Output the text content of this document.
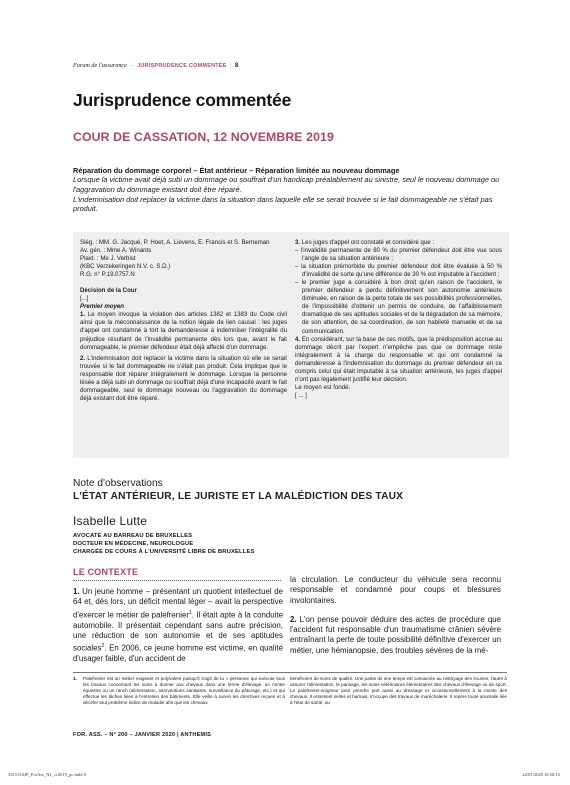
Forum de l'assurance – JURISPRUDENCE COMMENTÉE | 8
Jurisprudence commentée
COUR DE CASSATION, 12 NOVEMBRE 2019
Réparation du dommage corporel – État antérieur – Réparation limitée au nouveau dommage
Lorsque la victime avait déjà subi un dommage ou souffrait d'un handicap préalablement au sinistre, seul le nouveau dommage ou l'aggravation du dommage existant doit être réparé.
L'indemnisation doit replacer la victime dans la situation dans laquelle elle se serait trouvée si le fait dommageable ne s'était pas produit.

Siég. : MM. G. Jacqué, P. Hoet, A. Lievens, E. Francis et S. Berneman

Av. gén. : Mme A. Winants

Plaid. : Me J. Verbist

(KBC Verzekeringen N.V. c. S.D.)

R.G. n° P.19.0757.N

Décision de la Cour

[...]

Premier moyen

1. Le moyen invoque la violation des articles 1382 et 1383 du Code civil ainsi que la méconnaissance de la notion légale de lien causal : les juges d'appel ont condamné à tort la demanderesse à indemniser l'intégralité du préjudice résultant de l'invalidité permanente dès lors que, avant le fait dommageable, le premier défendeur était déjà affecté d'un dommage.

2. L'indemnisation doit replacer la victime dans la situation où elle se serait trouvée si le fait dommageable ne s'était pas produit. Cela implique que le responsable doit réparer intégralement le dommage. Lorsque la personne lésée a déjà subi un dommage ou souffrait déjà d'une incapacité avant le fait dommageable, seul le dommage nouveau ou l'aggravation du dommage déjà existant doit être réparé.

3. Les juges d'appel ont constaté et considéré que :

– l'invalidité permanente de 80 % du premier défendeur doit être vue sous l'angle de sa situation antérieure ;

– la situation prémorbide du premier défendeur doit être évaluée à 50 % d'invalidité de sorte qu'une différence de 30 % est imputable à l'accident ;

– le premier juge a considéré à bon droit qu'en raison de l'accident, le premier défendeur a perdu définitivement son autonomie antérieure diminuée, en raison de la perte totale de ses possibilités professionnelles, de l'impossibilité d'obtenir un permis de conduire, de l'affaiblissement dramatique de ses aptitudes sociales et de la dégradation de sa mémoire, de son attention, de sa coordination, de son habileté manuelle et de sa communication.

4. En considérant, sur la base de ces motifs, que la prédisposition accrue au dommage décrit par l'expert n'empêche pas que ce dommage reste intégralement à la charge du responsable et qui ont condamné la demanderesse à l'indemnisation du dommage du premier défendeur en ce compris celui qui était imputable à sa situation antérieure, les juges d'appel n'ont pas légalement justifié leur décision.

Le moyen est fondé.

[ ... ]

Note d'observations
L'ÉTAT ANTÉRIEUR, LE JURISTE ET LA MALÉDICTION DES TAUX
Isabelle Lutte
AVOCATE AU BARREAU DE BRUXELLES
DOCTEUR EN MÉDECINE, NEUROLOGUE
CHARGÉE DE COURS À L'UNIVERSITÉ LIBRE DE BRUXELLES
LE CONTEXTE

1. Un jeune homme – présentant un quotient intellectuel de 64 et, dès lors, un déficit mental léger – avait la perspective d'exercer le métier de palefrenier$^1$. Il était apte à la conduite automobile. Il présentait cependant sans autre précision, une réduction de son autonomie et de ses aptitudes sociales$^2$. En 2006, ce jeune homme est victime, en qualité d'usager faible, d'un accident de

la circulation. Le conducteur du véhicule sera reconnu responsable et condamné pour coups et blessures involontaires.

2. L'on pense pouvoir déduire des actes de procédure que l'accident fut responsable d'un traumatisme crânien sévère entraînant la perte de toute possibilité définitive d'exercer un métier, une hémianopsie, des troubles sévères de la mé-

1. Palefrenier est un métier exigeant et polyvalent puisqu'il s'agit de la « personne qui exécute tous les travaux concernant les soins à donner aux chevaux dans une ferme d'élevage, un centre équestre ou un ranch (alimentation, interventions sanitaires, surveillance du pâturage, etc.) et qui effectue les tâches liées à l'entretien des bâtiments. Elle veille à suivre les directives reçues et à déceler tout problème indice de maladie afin que les chevaux
bénéficient de soins de qualité. Une partie de son temps est consacrée au nettoyage des écuries, l'autre à assurer l'alimentation, le pansage, les soins vétérinaires élémentaires des chevaux d'élevage ou de sport. Le palefrenier-soigneur peut prendre part aussi au dressage et occasionnellement à la monte des chevaux. Il entretient selles et harnais, s'occupe des travaux de maréchalerie. Il repère toute anomalie liée à l'état de santé, au
FOR. ASS. – N° 200 – JANVIER 2020 | ANTHEMIS
331511AIP_ForAss_N1_cc2019_pc.indd 8	22/01/2020 10:50:15
